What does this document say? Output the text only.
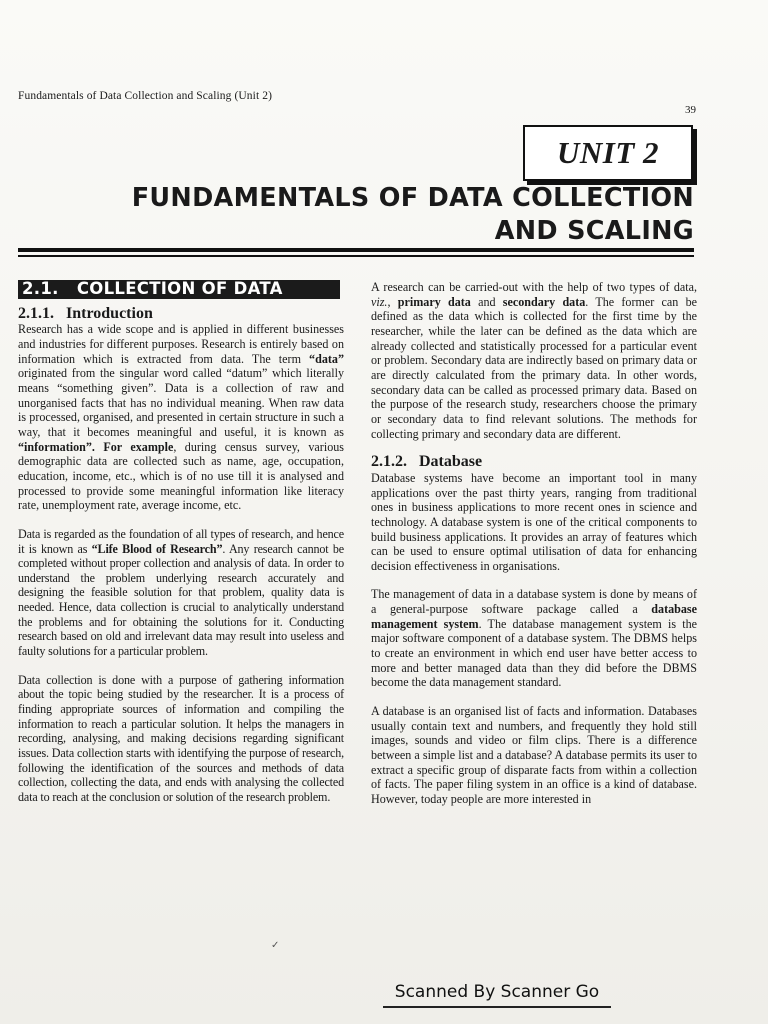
Fundamentals of Data Collection and Scaling (Unit 2)
39
UNIT 2
FUNDAMENTALS OF DATA COLLECTION
AND SCALING
2.1. COLLECTION OF DATA
2.1.1. Introduction

Research has a wide scope and is applied in different businesses and industries for different purposes. Research is entirely based on information which is extracted from data. The term “data” originated from the singular word called “datum” which literally means “something given”. Data is a collection of raw and unorganised facts that has no individual meaning. When raw data is processed, organised, and presented in certain structure in such a way, that it becomes meaningful and useful, it is known as “information”. For example, during census survey, various demographic data are collected such as name, age, occupation, education, income, etc., which is of no use till it is analysed and processed to provide some meaningful information like literacy rate, unemployment rate, average income, etc.

Data is regarded as the foundation of all types of research, and hence it is known as “Life Blood of Research”. Any research cannot be completed without proper collection and analysis of data. In order to understand the problem underlying research accurately and designing the feasible solution for that problem, quality data is needed. Hence, data collection is crucial to analytically understand the problems and for obtaining the solutions for it. Conducting research based on old and irrelevant data may result into useless and faulty solutions for a particular problem.

Data collection is done with a purpose of gathering information about the topic being studied by the researcher. It is a process of finding appropriate sources of information and compiling the information to reach a particular solution. It helps the managers in recording, analysing, and making decisions regarding significant issues. Data collection starts with identifying the purpose of research, following the identification of the sources and methods of data collection, collecting the data, and ends with analysing the collected data to reach at the conclusion or solution of the research problem.

A research can be carried-out with the help of two types of data, viz., primary data and secondary data. The former can be defined as the data which is collected for the first time by the researcher, while the later can be defined as the data which are already collected and statistically processed for a particular event or problem. Secondary data are indirectly based on primary data or are directly calculated from the primary data. In other words, secondary data can be called as processed primary data. Based on the purpose of the research study, researchers choose the primary or secondary data to find relevant solutions. The methods for collecting primary and secondary data are different.

2.1.2. Database

Database systems have become an important tool in many applications over the past thirty years, ranging from traditional ones in business applications to more recent ones in science and technology. A database system is one of the critical components to build business applications. It provides an array of features which can be used to ensure optimal utilisation of data for enhancing decision effectiveness in organisations.

The management of data in a database system is done by means of a general-purpose software package called a database management system. The database management system is the major software component of a database system. The DBMS helps to create an environment in which end user have better access to more and better managed data than they did before the DBMS become the data management standard.

A database is an organised list of facts and information. Databases usually contain text and numbers, and frequently they hold still images, sounds and video or film clips. There is a difference between a simple list and a database? A database permits its user to extract a specific group of disparate facts from within a collection of facts. The paper filing system in an office is a kind of database. However, today people are more interested in

✓
Scanned By Scanner Go
